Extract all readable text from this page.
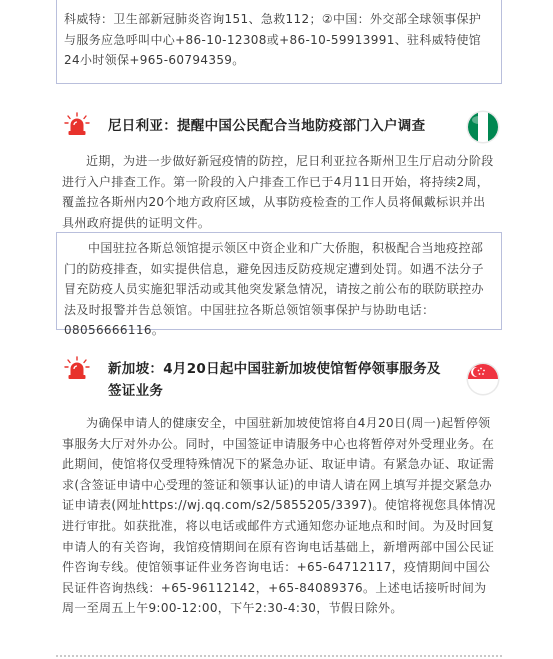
科威特：卫生部新冠肺炎咨询151、急救112；②中国：外交部全球领事保护与服务应急呼叫中心+86-10-12308或+86-10-59913991、驻科威特使馆24小时领保+965-60794359。

尼日利亚：提醒中国公民配合当地防疫部门入户调查

近期，为进一步做好新冠疫情的防控，尼日利亚拉各斯州卫生厅启动分阶段进行入户排查工作。第一阶段的入户排查工作已于4月11日开始，将持续2周，覆盖拉各斯州内20个地方政府区域，从事防疫检查的工作人员将佩戴标识并出具州政府提供的证明文件。

中国驻拉各斯总领馆提示领区中资企业和广大侨胞，积极配合当地疫控部门的防疫排查，如实提供信息，避免因违反防疫规定遭到处罚。如遇不法分子冒充防疫人员实施犯罪活动或其他突发紧急情况，请按之前公布的联防联控办法及时报警并告总领馆。中国驻拉各斯总领馆领事保护与协助电话：08056666116。

新加坡：4月20日起中国驻新加坡使馆暂停领事服务及
签证业务

为确保申请人的健康安全，中国驻新加坡使馆将自4月20日(周一)起暂停领事服务大厅对外办公。同时，中国签证申请服务中心也将暂停对外受理业务。在此期间，使馆将仅受理特殊情况下的紧急办证、取证申请。有紧急办证、取证需求(含签证申请中心受理的签证和领事认证)的申请人请在网上填写并提交紧急办证申请表(网址https://wj.qq.com/s2/5855205/3397)。使馆将视您具体情况进行审批。如获批准，将以电话或邮件方式通知您办证地点和时间。为及时回复申请人的有关咨询，我馆疫情期间在原有咨询电话基础上，新增两部中国公民证件咨询专线。使馆领事证件业务咨询电话：+65-64712117，疫情期间中国公民证件咨询热线：+65-96112142，+65-84089376。上述电话接听时间为周一至周五上午9:00-12:00，下午2:30-4:30，节假日除外。
